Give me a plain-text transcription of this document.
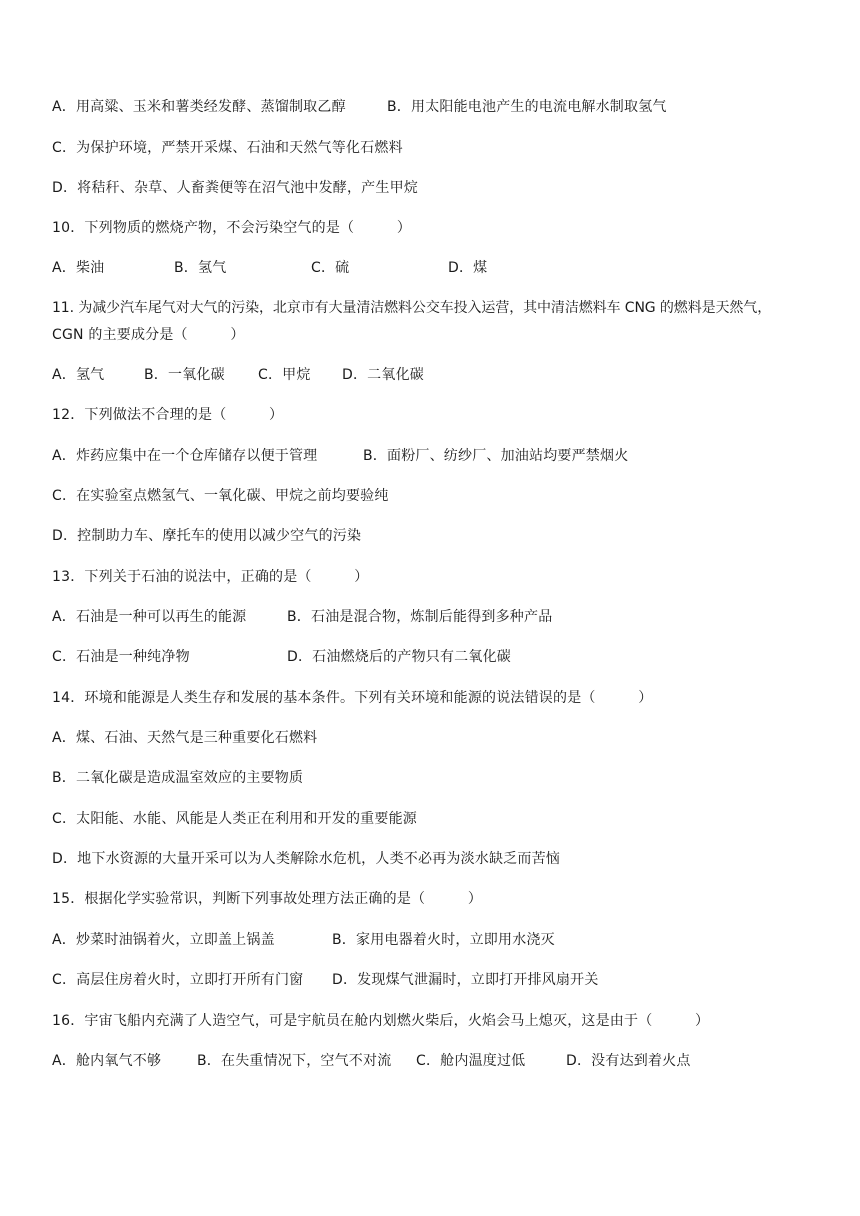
A．用高粱、玉米和薯类经发酵、蒸馏制取乙醇	B．用太阳能电池产生的电流电解水制取氢气
C．为保护环境，严禁开采煤、石油和天然气等化石燃料
D．将秸秆、杂草、人畜粪便等在沼气池中发酵，产生甲烷
10．下列物质的燃烧产物，不会污染空气的是（　　　）
A．柴油	B．氢气	C．硫	D．煤
11. 为减少汽车尾气对大气的污染，北京市有大量清洁燃料公交车投入运营，其中清洁燃料车 CNG 的燃料是天然气，
CGN 的主要成分是（　　　）
A．氢气	B．一氧化碳 C．甲烷 D．二氧化碳
12．下列做法不合理的是（　　　）
A．炸药应集中在一个仓库储存以便于管理	B．面粉厂、纺纱厂、加油站均要严禁烟火
C．在实验室点燃氢气、一氧化碳、甲烷之前均要验纯
D．控制助力车、摩托车的使用以减少空气的污染
13．下列关于石油的说法中，正确的是（　　　）
A．石油是一种可以再生的能源	B．石油是混合物，炼制后能得到多种产品
C．石油是一种纯净物	D．石油燃烧后的产物只有二氧化碳
14．环境和能源是人类生存和发展的基本条件。下列有关环境和能源的说法错误的是（　　　）
A．煤、石油、天然气是三种重要化石燃料
B．二氧化碳是造成温室效应的主要物质
C．太阳能、水能、风能是人类正在利用和开发的重要能源
D．地下水资源的大量开采可以为人类解除水危机，人类不必再为淡水缺乏而苦恼
15．根据化学实验常识，判断下列事故处理方法正确的是（　　　）
A．炒菜时油锅着火，立即盖上锅盖	B．家用电器着火时，立即用水浇灭
C．高层住房着火时，立即打开所有门窗 D．发现煤气泄漏时，立即打开排风扇开关
16．宇宙飞船内充满了人造空气，可是宇航员在舱内划燃火柴后，火焰会马上熄灭，这是由于（　　　）
A．舱内氧气不够	B．在失重情况下，空气不对流 C．舱内温度过低	D．没有达到着火点
